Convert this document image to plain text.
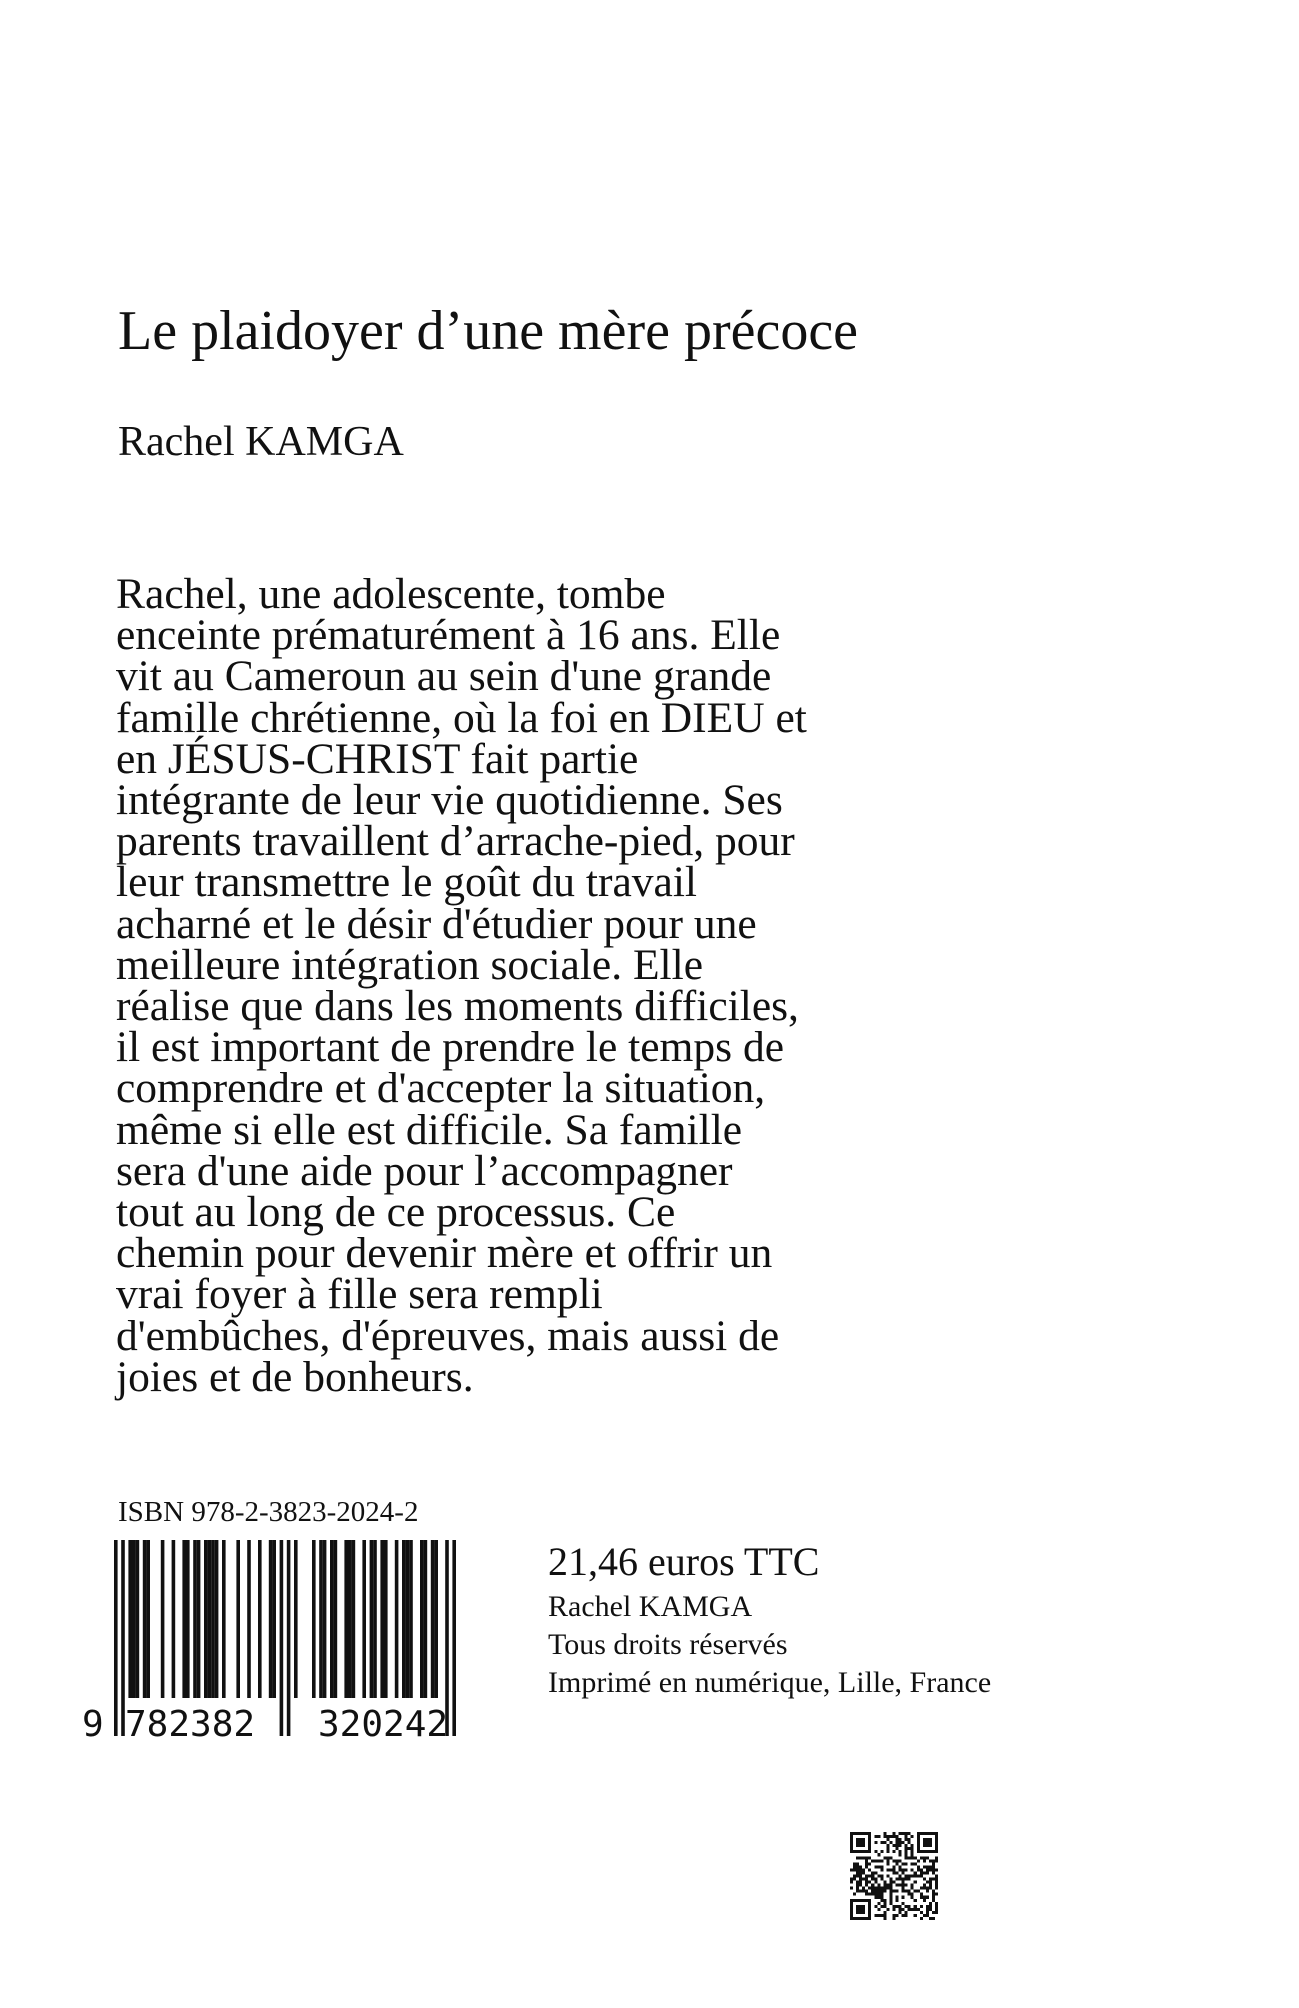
Le plaidoyer d’une mère précoce
Rachel KAMGA
Rachel, une adolescente, tombe
enceinte prématurément à 16 ans. Elle
vit au Cameroun au sein d'une grande
famille chrétienne, où la foi en DIEU et
en JÉSUS-CHRIST fait partie
intégrante de leur vie quotidienne. Ses
parents travaillent d’arrache-pied, pour
leur transmettre le goût du travail
acharné et le désir d'étudier pour une
meilleure intégration sociale. Elle
réalise que dans les moments difficiles,
il est important de prendre le temps de
comprendre et d'accepter la situation,
même si elle est difficile. Sa famille
sera d'une aide pour l’accompagner
tout au long de ce processus. Ce
chemin pour devenir mère et offrir un
vrai foyer à fille sera rempli
d'embûches, d'épreuves, mais aussi de
joies et de bonheurs.
ISBN 978-2-3823-2024-2
9 782382 320242
21,46 euros TTC
Rachel KAMGA
Tous droits réservés
Imprimé en numérique, Lille, France
